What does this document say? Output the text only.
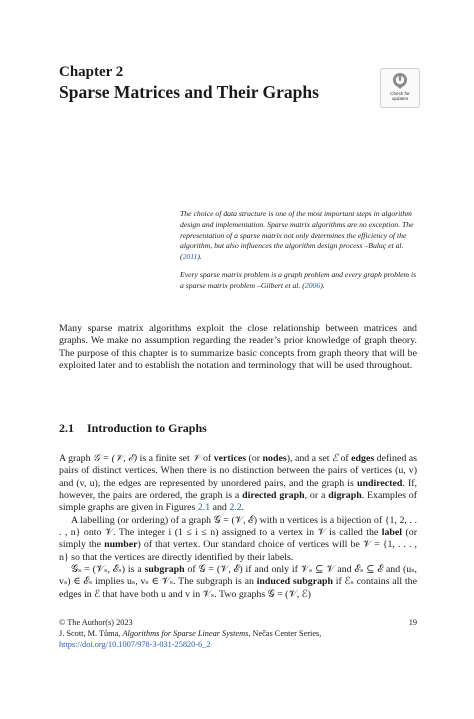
Chapter 2
Sparse Matrices and Their Graphs	Check for
updates

The choice of data structure is one of the most important steps in algorithm design and implementation. Sparse matrix algorithms are no exception. The representation of a sparse matrix not only determines the efficiency of the algorithm, but also influences the algorithm design process –Buluç et al. (2011).

Every sparse matrix problem is a graph problem and every graph problem is a sparse matrix problem –Gilbert et al. (2006).

Many sparse matrix algorithms exploit the close relationship between matrices and graphs. We make no assumption regarding the reader’s prior knowledge of graph theory. The purpose of this chapter is to summarize basic concepts from graph theory that will be exploited later and to establish the notation and terminology that will be used throughout.

2.1 Introduction to Graphs

A graph 𝒢 = (𝒱, ℰ) is a finite set 𝒱 of vertices (or nodes), and a set ℰ of edges defined as pairs of distinct vertices. When there is no distinction between the pairs of vertices (u, v) and (v, u), the edges are represented by unordered pairs, and the graph is undirected. If, however, the pairs are ordered, the graph is a directed graph, or a digraph. Examples of simple graphs are given in Figures 2.1 and 2.2.

A labelling (or ordering) of a graph 𝒢 = (𝒱, ℰ) with n vertices is a bijection of {1, 2, . . . , n} onto 𝒱. The integer i (1 ≤ i ≤ n) assigned to a vertex in 𝒱 is called the label (or simply the number) of that vertex. Our standard choice of vertices will be 𝒱 = {1, . . . , n} so that the vertices are directly identified by their labels.

𝒢ₛ = (𝒱ₛ, ℰₛ) is a subgraph of 𝒢 = (𝒱, ℰ) if and only if 𝒱ₛ ⊆ 𝒱 and ℰₛ ⊆ ℰ and (uₛ, vₛ) ∈ ℰₛ implies uₛ, vₛ ∈ 𝒱ₛ. The subgraph is an induced subgraph if ℰₛ contains all the edges in ℰ that have both u and v in 𝒱ₛ. Two graphs 𝒢 = (𝒱, ℰ)

© The Author(s) 2023	19
J. Scott, M. Tůma, Algorithms for Sparse Linear Systems, Nečas Center Series,
https://doi.org/10.1007/978-3-031-25820-6_2
